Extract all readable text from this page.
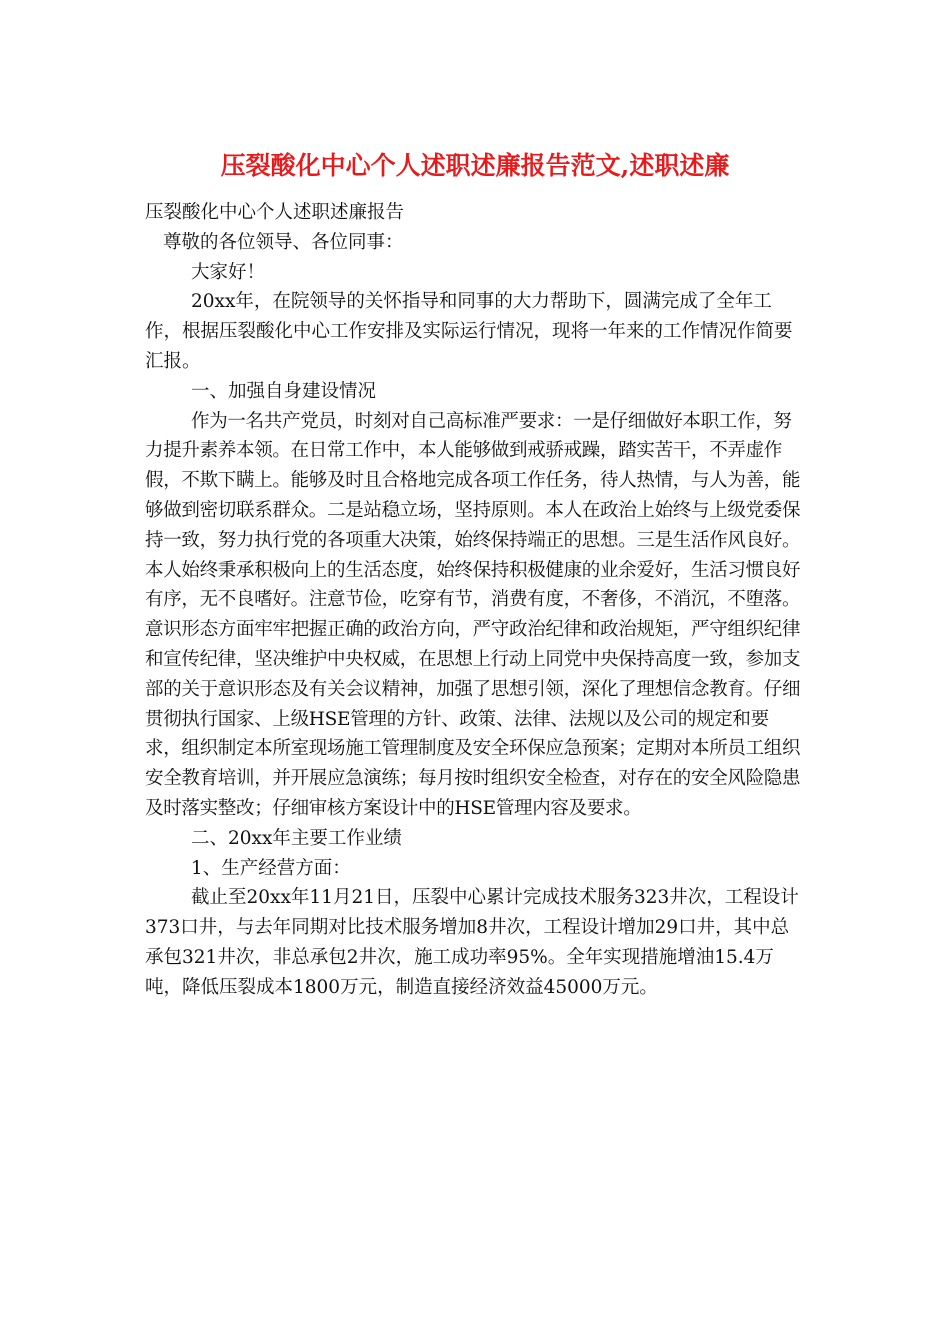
压裂酸化中心个人述职述廉报告范文,述职述廉

压裂酸化中心个人述职述廉报告

尊敬的各位领导、各位同事：

大家好！

20xx年，在院领导的关怀指导和同事的大力帮助下，圆满完成了全年工作，根据压裂酸化中心工作安排及实际运行情况，现将一年来的工作情况作简要汇报。

一、加强自身建设情况

作为一名共产党员，时刻对自己高标准严要求：一是仔细做好本职工作，努力提升素养本领。在日常工作中，本人能够做到戒骄戒躁，踏实苦干，不弄虚作假，不欺下瞒上。能够及时且合格地完成各项工作任务，待人热情，与人为善，能够做到密切联系群众。二是站稳立场，坚持原则。本人在政治上始终与上级党委保持一致，努力执行党的各项重大决策，始终保持端正的思想。三是生活作风良好。本人始终秉承积极向上的生活态度，始终保持积极健康的业余爱好，生活习惯良好有序，无不良嗜好。注意节俭，吃穿有节，消费有度，不奢侈，不消沉，不堕落。意识形态方面牢牢把握正确的政治方向，严守政治纪律和政治规矩，严守组织纪律和宣传纪律，坚决维护中央权威，在思想上行动上同党中央保持高度一致，参加支部的关于意识形态及有关会议精神，加强了思想引领，深化了理想信念教育。仔细贯彻执行国家、上级HSE管理的方针、政策、法律、法规以及公司的规定和要求，组织制定本所室现场施工管理制度及安全环保应急预案；定期对本所员工组织安全教育培训，并开展应急演练；每月按时组织安全检查，对存在的安全风险隐患及时落实整改；仔细审核方案设计中的HSE管理内容及要求。

二、20xx年主要工作业绩

1、生产经营方面：

截止至20xx年11月21日，压裂中心累计完成技术服务323井次，工程设计373口井，与去年同期对比技术服务增加8井次，工程设计增加29口井，其中总承包321井次，非总承包2井次，施工成功率95%。全年实现措施增油15.4万吨，降低压裂成本1800万元，制造直接经济效益45000万元。
